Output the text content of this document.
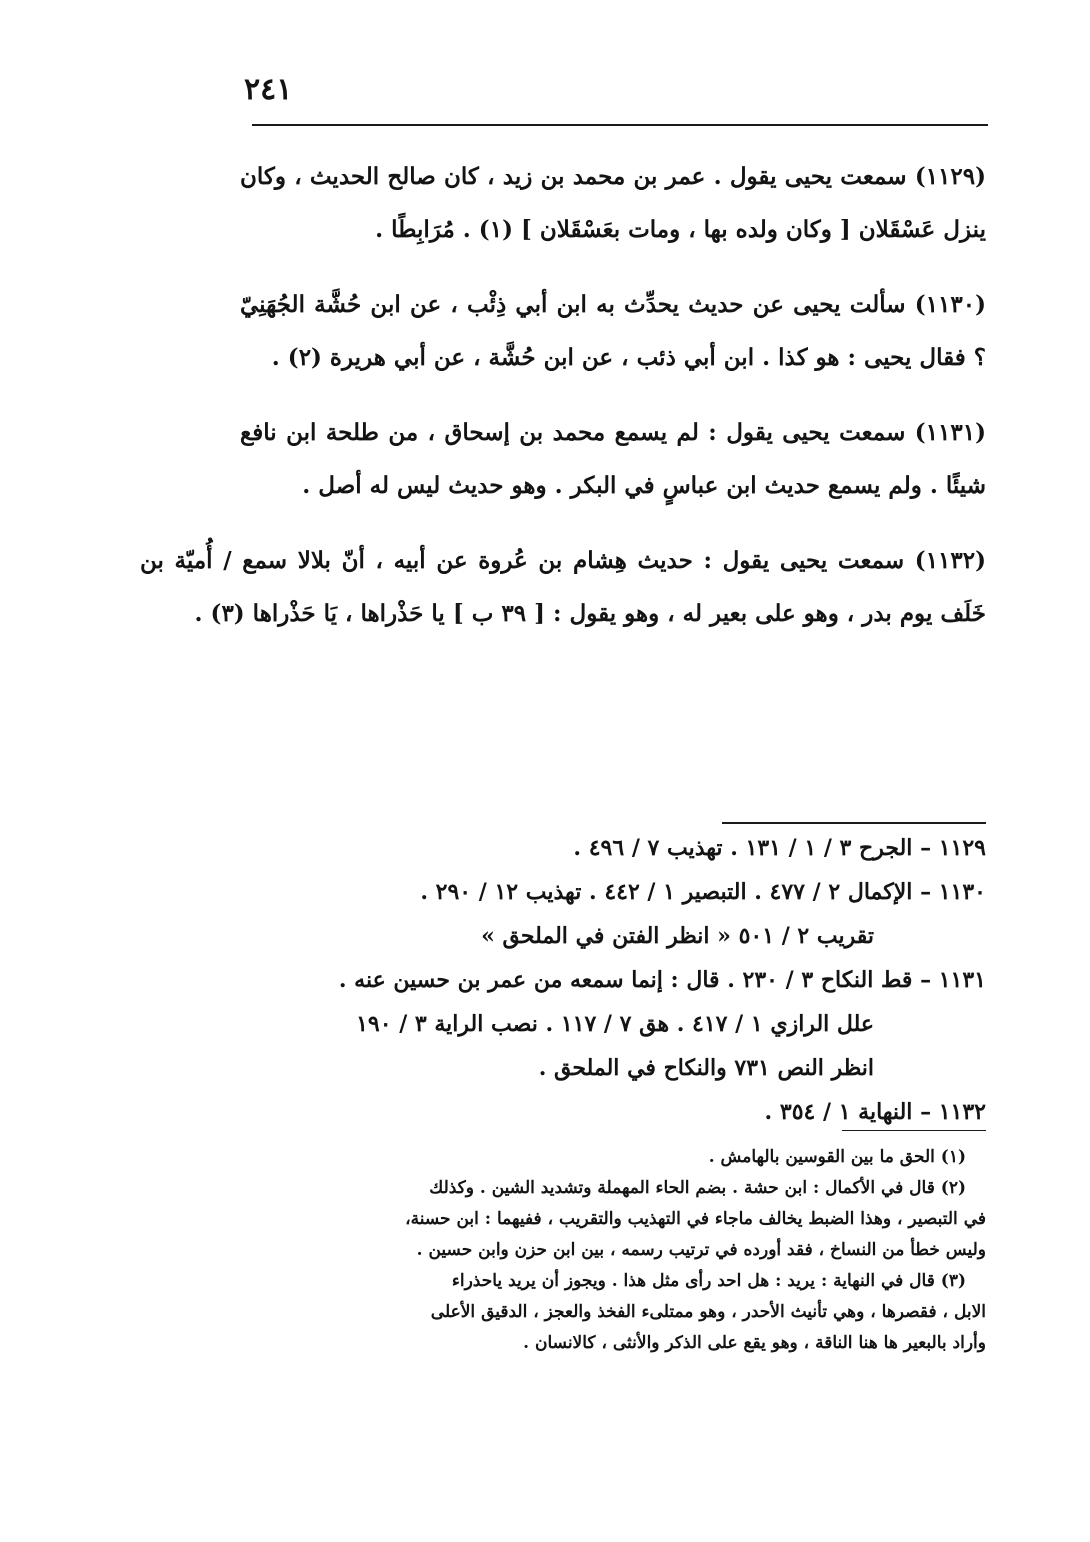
٢٤١

(١١٢٩) سمعت يحيى يقول . عمر بن محمد بن زيد ، كان صالح الحديث ، وكان ينزل عَسْقَلان [ وكان ولده بها ، ومات بعَسْقَلان ] (١) . مُرَابِطًا .

(١١٣٠) سألت يحيى عن حديث يحدِّث به ابن أبي ذِئْب ، عن ابن حُشَّة الجُهَنِيّ ؟ فقال يحيى : هو كذا . ابن أبي ذئب ، عن ابن حُشَّة ، عن أبي هريرة (٢) .

(١١٣١) سمعت يحيى يقول : لم يسمع محمد بن إسحاق ، من طلحة ابن نافع شيئًا . ولم يسمع حديث ابن عباسٍ في البكر . وهو حديث ليس له أصل .

(١١٣٢) سمعت يحيى يقول : حديث هِشام بن عُروة عن أبيه ، أنّ بلالا سمع / أُميّة بن خَلَف يوم بدر ، وهو على بعير له ، وهو يقول : [ ٣٩ ب ] يا حَذْراها ، يَا حَذْراها (٣) .

١١٢٩ – الجرح ٣ / ١ / ١٣١ . تهذيب ٧ / ٤٩٦ .
١١٣٠ – الإكمال ٢ / ٤٧٧ . التبصير ١ / ٤٤٢ . تهذيب ١٢ / ٢٩٠ .
تقريب ٢ / ٥٠١ « انظر الفتن في الملحق »
١١٣١ – قط النكاح ٣ / ٢٣٠ . قال : إنما سمعه من عمر بن حسين عنه .
علل الرازي ١ / ٤١٧ . هق ٧ / ١١٧ . نصب الراية ٣ / ١٩٠
انظر النص ٧٣١ والنكاح في الملحق .
١١٣٢ – النهاية ١ / ٣٥٤ .
(١) الحق ما بين القوسين بالهامش .
(٢) قال في الأكمال : ابن حشة . بضم الحاء المهملة وتشديد الشين . وكذلك
في التبصير ، وهذا الضبط يخالف ماجاء في التهذيب والتقريب ، ففيهما : ابن حسنة،
وليس خطأ من النساخ ، فقد أورده في ترتيب رسمه ، بين ابن حزن وابن حسين .
(٣) قال في النهاية : يريد : هل احد رأى مثل هذا . ويجوز أن يريد ياحذراء
الابل ، فقصرها ، وهي تأنيث الأحدر ، وهو ممتلىء الفخذ والعجز ، الدقيق الأعلى
وأراد بالبعير ها هنا الناقة ، وهو يقع على الذكر والأنثى ، كالانسان .
